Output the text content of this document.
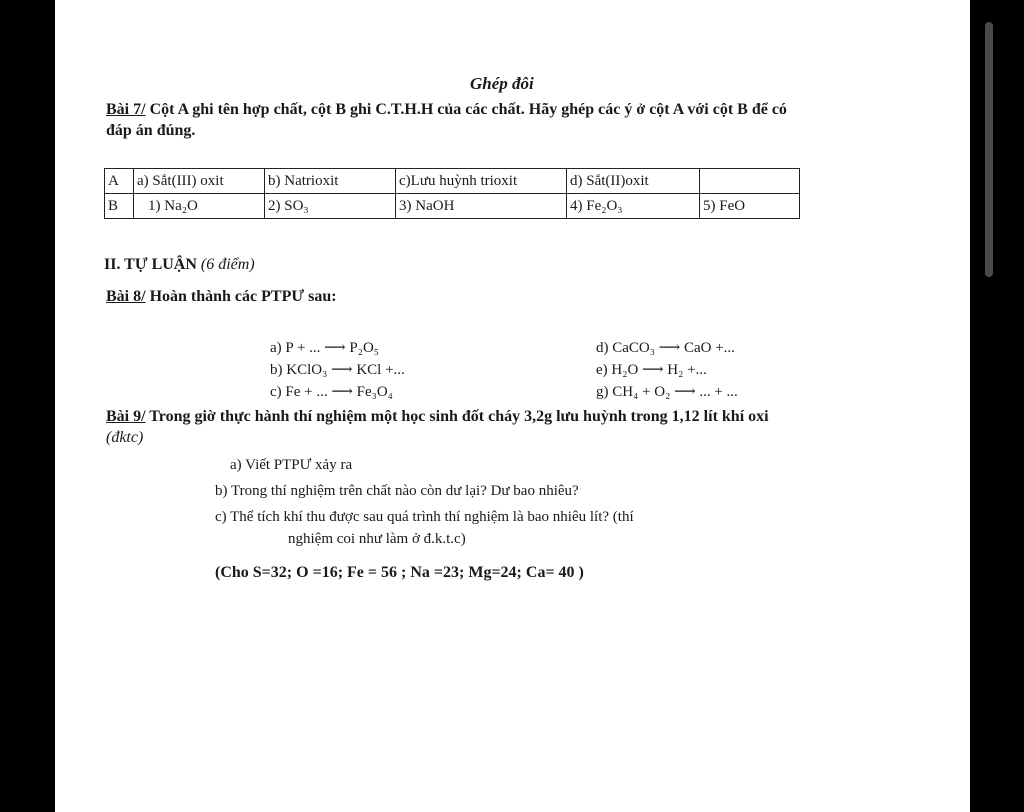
Ghép đôi
Bài 7/ Cột A ghi tên hợp chất, cột B ghi C.T.H.H của các chất. Hãy ghép các ý ở cột A với cột B để có đáp án đúng.
A	a) Sắt(III) oxit	b) Natrioxit	c)Lưu huỳnh trioxit	d) Sắt(II)oxit	
B	1) Na₂O	2) SO₃	3) NaOH	4) Fe₂O₃	5) FeO
II. TỰ LUẬN (6 điểm)
Bài 8/ Hoàn thành các PTPƯ sau:
a) P + ... ⟶ P₂O₅
b) KClO₃ ⟶ KCl +...
c) Fe + ... ⟶ Fe₃O₄
d) CaCO₃ ⟶ CaO +...
e) H₂O ⟶ H₂ +...
g) CH₄ + O₂ ⟶ ... + ...
Bài 9/ Trong giờ thực hành thí nghiệm một học sinh đốt cháy 3,2g lưu huỳnh trong 1,12 lít khí oxi (đktc)
a) Viết PTPƯ xảy ra
b) Trong thí nghiệm trên chất nào còn dư lại? Dư bao nhiêu?
c) Thể tích khí thu được sau quá trình thí nghiệm là bao nhiêu lít? (thí
nghiệm coi như làm ở đ.k.t.c)
(Cho S=32; O =16; Fe = 56 ; Na =23; Mg=24; Ca= 40 )
